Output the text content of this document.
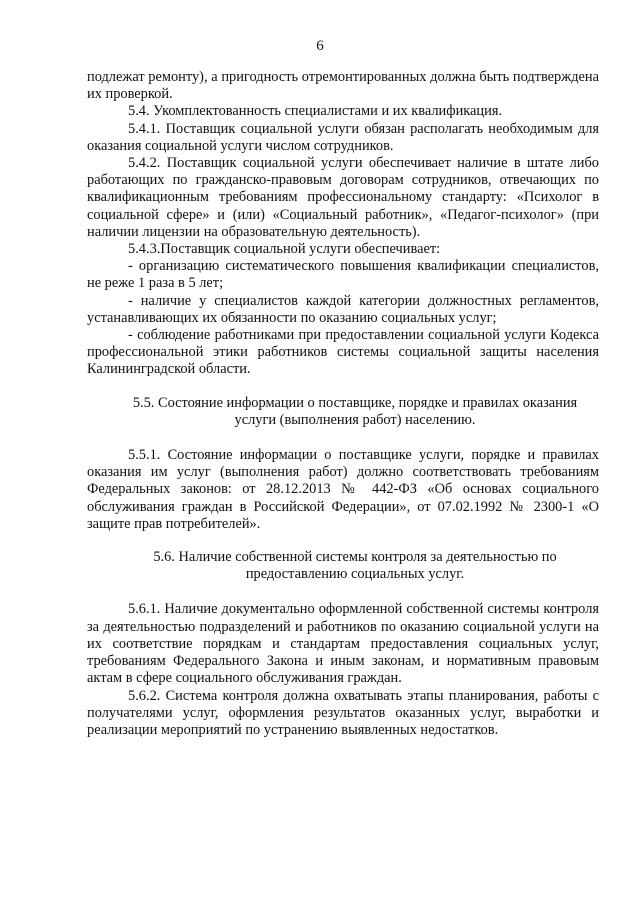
6

подлежат ремонту), а пригодность отремонтированных должна быть подтверждена их проверкой.

5.4. Укомплектованность специалистами и их квалификация.

5.4.1. Поставщик социальной услуги обязан располагать необходимым для оказания социальной услуги числом сотрудников.

5.4.2. Поставщик социальной услуги обеспечивает наличие в штате либо работающих по гражданско-правовым договорам сотрудников, отвечающих по квалификационным требованиям профессиональному стандарту: «Психолог в социальной сфере» и (или) «Социальный работник», «Педагог-психолог» (при наличии лицензии на образовательную деятельность).

5.4.3.Поставщик социальной услуги обеспечивает:

- организацию систематического повышения квалификации специалистов, не реже 1 раза в 5 лет;

- наличие у специалистов каждой категории должностных регламентов, устанавливающих их обязанности по оказанию социальных услуг;

- соблюдение работниками при предоставлении социальной услуги Кодекса профессиональной этики работников системы социальной защиты населения Калининградской области.

5.5. Состояние информации о поставщике, порядке и правилах оказания услуги (выполнения работ) населению.

5.5.1. Состояние информации о поставщике услуги, порядке и правилах оказания им услуг (выполнения работ) должно соответствовать требованиям Федеральных законов: от 28.12.2013 № 442-ФЗ «Об основах социального обслуживания граждан в Российской Федерации», от 07.02.1992 № 2300-1 «О защите прав потребителей».

5.6. Наличие собственной системы контроля за деятельностью по предоставлению социальных услуг.

5.6.1. Наличие документально оформленной собственной системы контроля за деятельностью подразделений и работников по оказанию социальной услуги на их соответствие порядкам и стандартам предоставления социальных услуг, требованиям Федерального Закона и иным законам, и нормативным правовым актам в сфере социального обслуживания граждан.

5.6.2. Система контроля должна охватывать этапы планирования, работы с получателями услуг, оформления результатов оказанных услуг, выработки и реализации мероприятий по устранению выявленных недостатков.
